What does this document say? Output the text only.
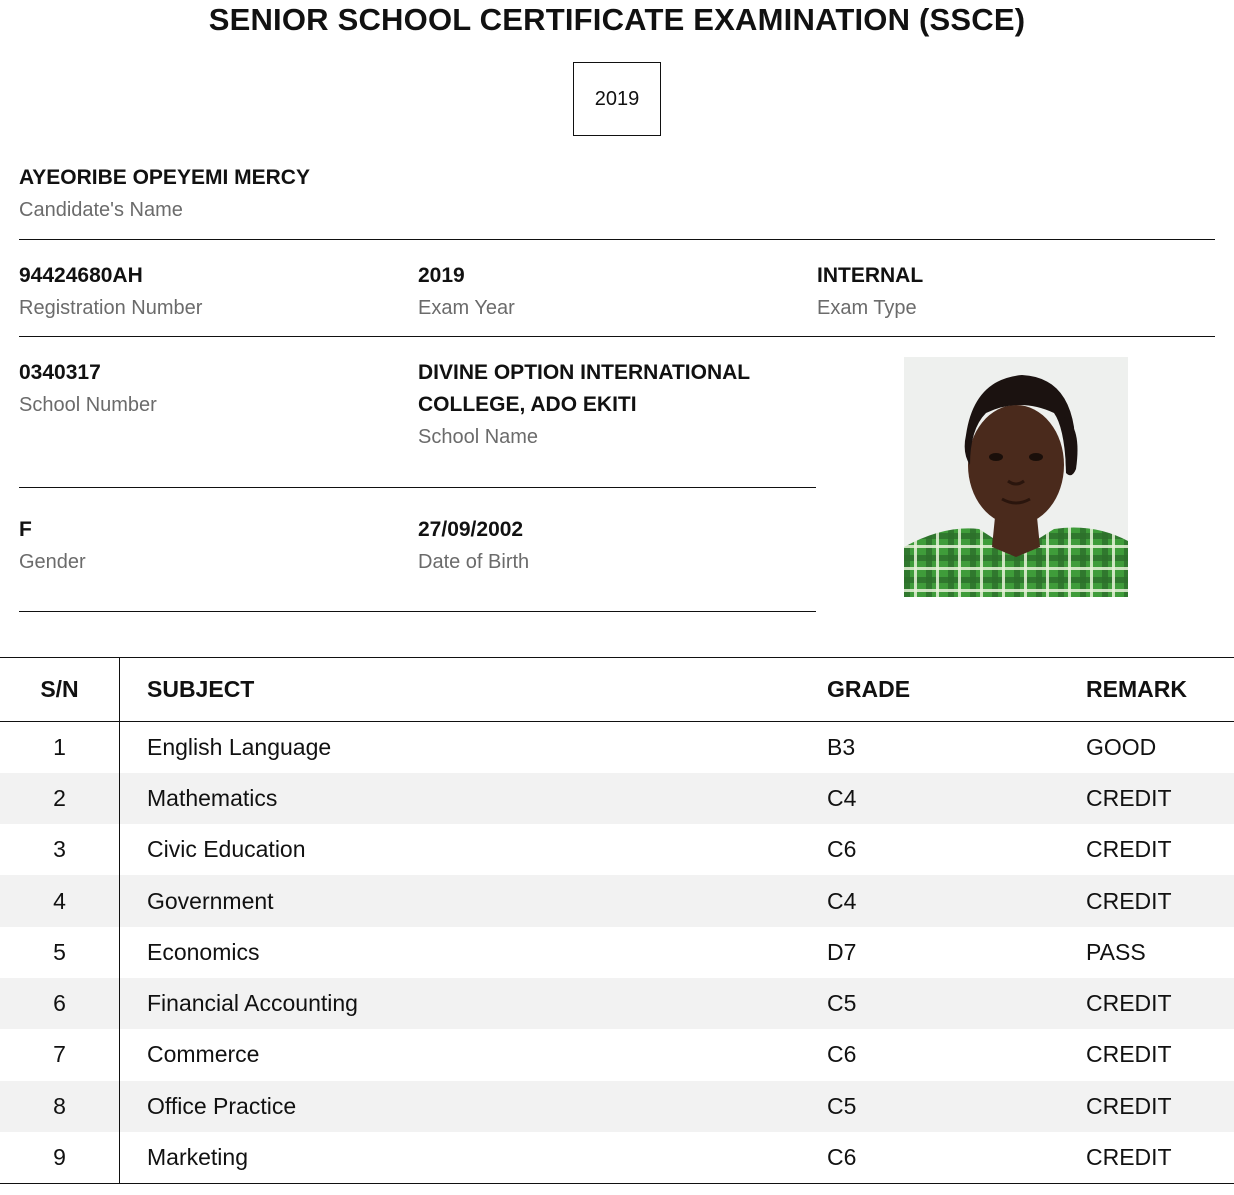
SENIOR SCHOOL CERTIFICATE EXAMINATION (SSCE)
2019
AYEORIBE OPEYEMI MERCY
Candidate's Name
94424680AH
Registration Number
2019
Exam Year
INTERNAL
Exam Type
0340317
School Number
DIVINE OPTION INTERNATIONAL
COLLEGE, ADO EKITI
School Name
F
Gender
27/09/2002
Date of Birth
S/N	SUBJECT	GRADE	REMARK
1	English Language	B3	GOOD
2	Mathematics	C4	CREDIT
3	Civic Education	C6	CREDIT
4	Government	C4	CREDIT
5	Economics	D7	PASS
6	Financial Accounting	C5	CREDIT
7	Commerce	C6	CREDIT
8	Office Practice	C5	CREDIT
9	Marketing	C6	CREDIT
